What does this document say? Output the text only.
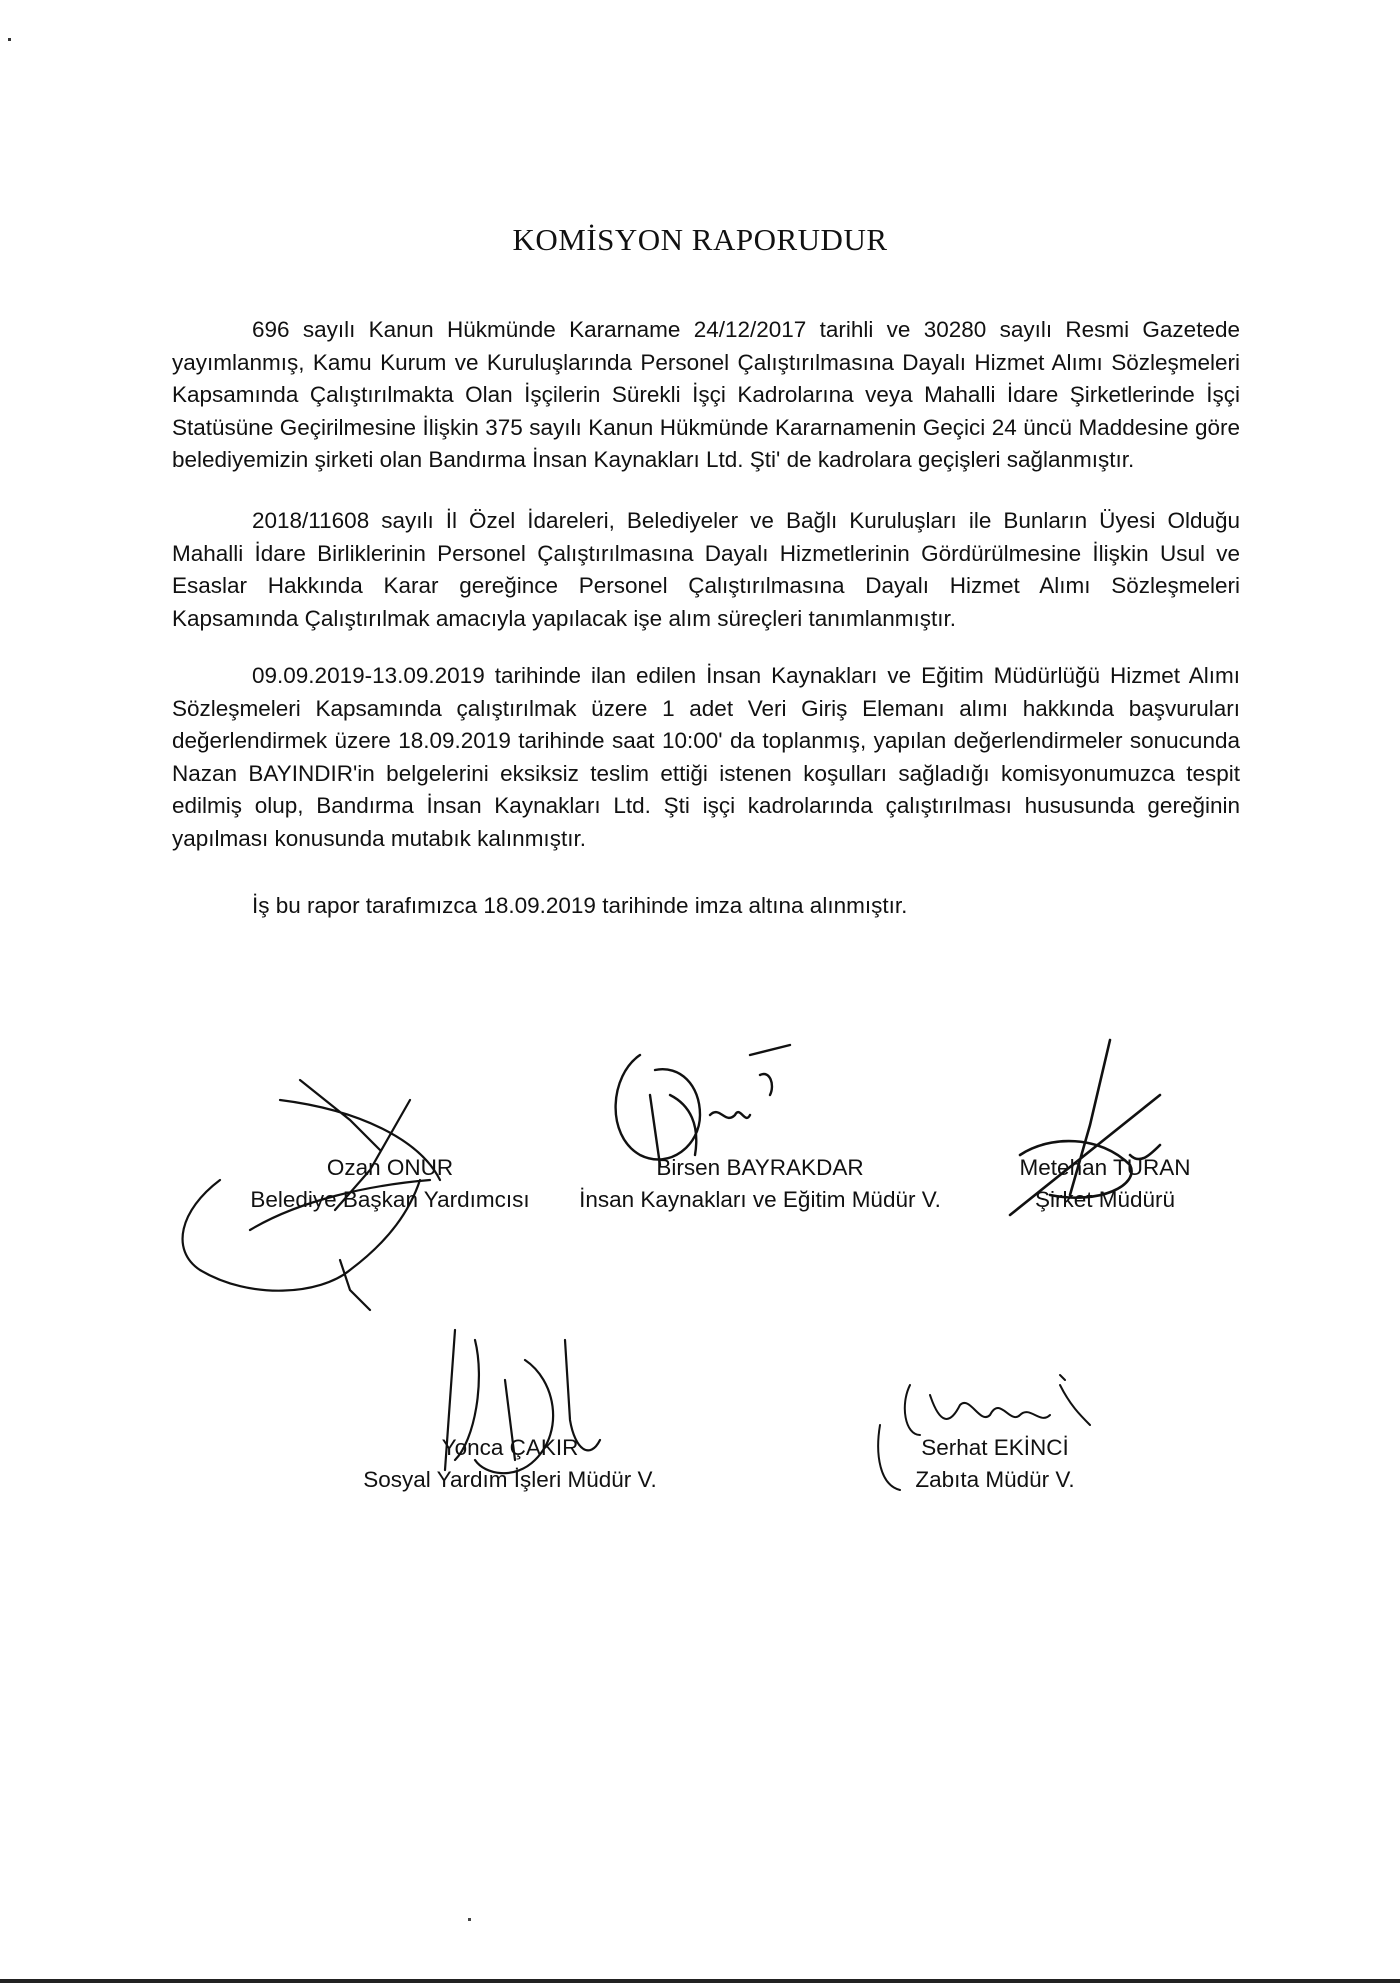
KOMİSYON RAPORUDUR

696 sayılı Kanun Hükmünde Kararname 24/12/2017 tarihli ve 30280 sayılı Resmi Gazetede yayımlanmış, Kamu Kurum ve Kuruluşlarında Personel Çalıştırılmasına Dayalı Hizmet Alımı Sözleşmeleri Kapsamında Çalıştırılmakta Olan İşçilerin Sürekli İşçi Kadrolarına veya Mahalli İdare Şirketlerinde İşçi Statüsüne Geçirilmesine İlişkin 375 sayılı Kanun Hükmünde Kararnamenin Geçici 24 üncü Maddesine göre belediyemizin şirketi olan Bandırma İnsan Kaynakları Ltd. Şti' de kadrolara geçişleri sağlanmıştır.

2018/11608 sayılı İl Özel İdareleri, Belediyeler ve Bağlı Kuruluşları ile Bunların Üyesi Olduğu Mahalli İdare Birliklerinin Personel Çalıştırılmasına Dayalı Hizmetlerinin Gördürülmesine İlişkin Usul ve Esaslar Hakkında Karar gereğince Personel Çalıştırılmasına Dayalı Hizmet Alımı Sözleşmeleri Kapsamında Çalıştırılmak amacıyla yapılacak işe alım süreçleri tanımlanmıştır.

09.09.2019-13.09.2019 tarihinde ilan edilen İnsan Kaynakları ve Eğitim Müdürlüğü Hizmet Alımı Sözleşmeleri Kapsamında çalıştırılmak üzere 1 adet Veri Giriş Elemanı alımı hakkında başvuruları değerlendirmek üzere 18.09.2019 tarihinde saat 10:00' da toplanmış, yapılan değerlendirmeler sonucunda Nazan BAYINDIR'in belgelerini eksiksiz teslim ettiği istenen koşulları sağladığı komisyonumuzca tespit edilmiş olup, Bandırma İnsan Kaynakları Ltd. Şti işçi kadrolarında çalıştırılması hususunda gereğinin yapılması konusunda mutabık kalınmıştır.

İş bu rapor tarafımızca 18.09.2019 tarihinde imza altına alınmıştır.

Ozan ONUR
Belediye Başkan Yardımcısı
Birsen BAYRAKDAR
İnsan Kaynakları ve Eğitim Müdür V.
Metehan TURAN
Şirket Müdürü
Yonca ÇAKIR
Sosyal Yardım İşleri Müdür V.
Serhat EKİNCİ
Zabıta Müdür V.
